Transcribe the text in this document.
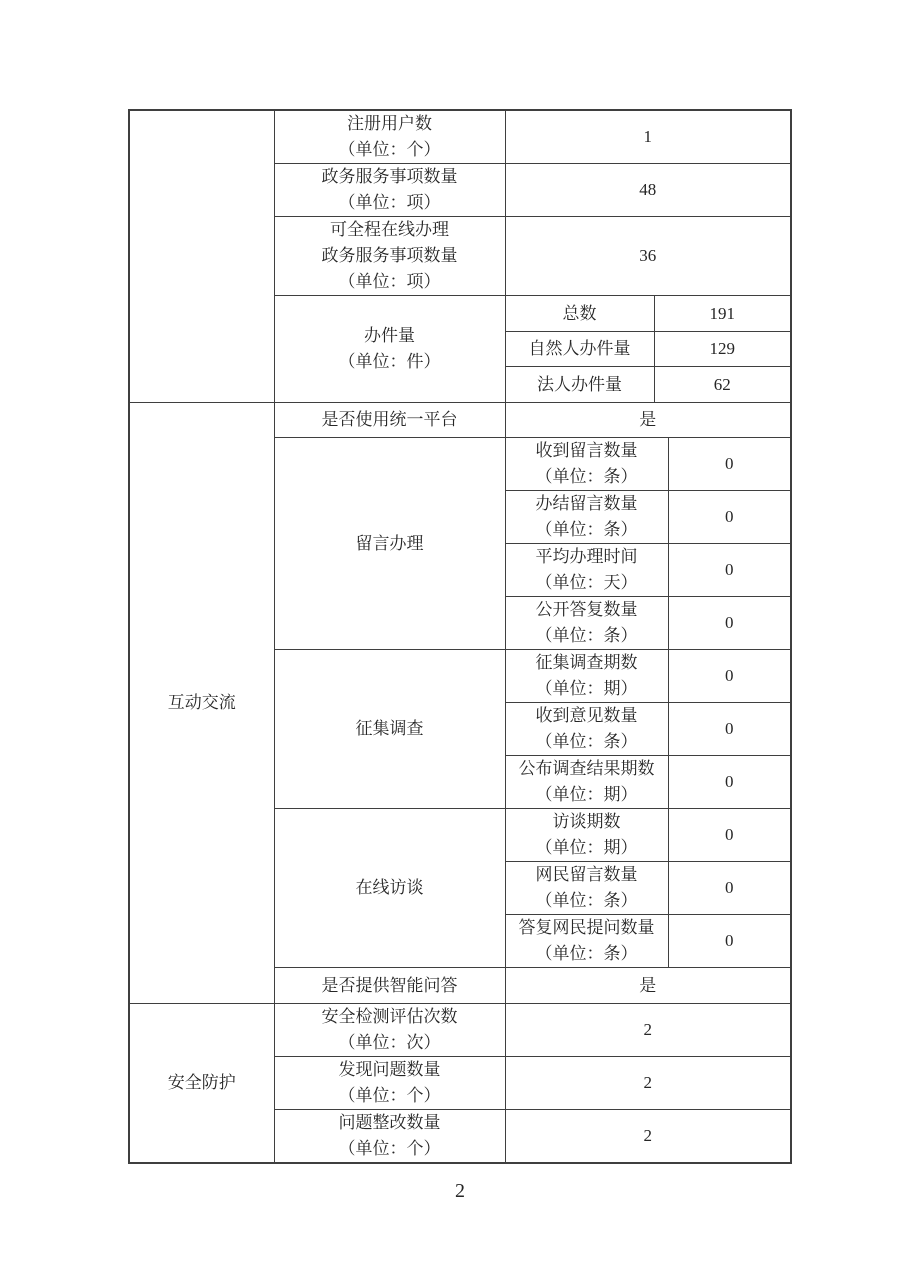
	注册用户数
（单位：个）	1		

	政务服务事项数量
（单位：项）	48		

	可全程在线办理
政务服务事项数量
（单位：项）	36		

	办件量
（单位：件）	总数	191	
		自然人办件量	129	
		法人办件量	62	
互动交流	是否使用统一平台	是		
	留言办理	收到留言数量
（单位：条）		0

		办结留言数量
（单位：条）		0

		平均办理时间
（单位：天）		0

		公开答复数量
（单位：条）		0
	征集调查	征集调查期数
（单位：期）		0

		收到意见数量
（单位：条）		0

		公布调查结果期数
（单位：期）		0
	在线访谈	访谈期数
（单位：期）		0

		网民留言数量
（单位：条）		0

		答复网民提问数量
（单位：条）		0
	是否提供智能问答	是		
安全防护	安全检测评估次数
（单位：次）	2		

	发现问题数量
（单位：个）	2		

	问题整改数量
（单位：个）	2		
2
